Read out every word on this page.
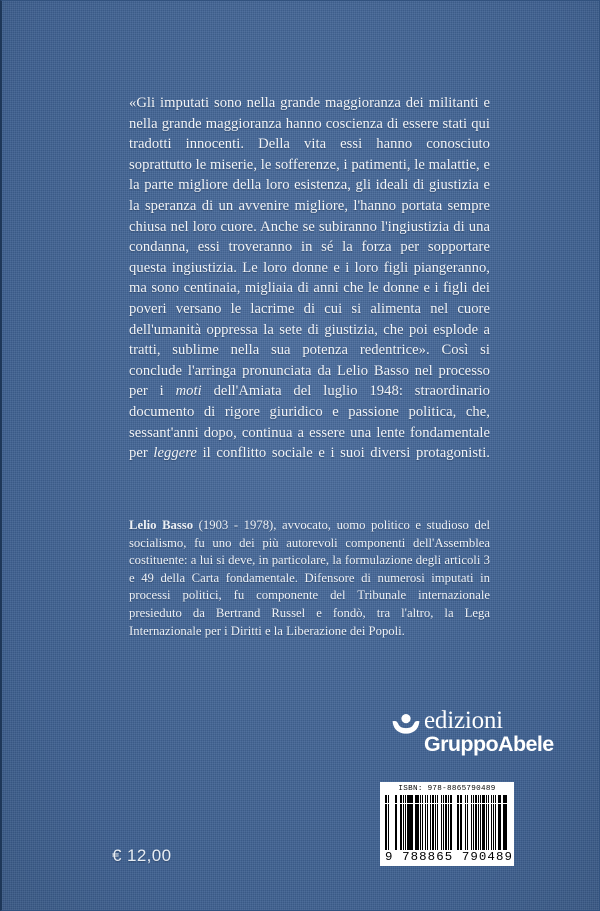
«Gli imputati sono nella grande maggioranza dei militanti e nella grande maggioranza hanno coscienza di essere stati qui tradotti innocenti. Della vita essi hanno conosciuto soprattutto le miserie, le sofferenze, i patimenti, le malattie, e la parte migliore della loro esistenza, gli ideali di giustizia e la speranza di un avvenire migliore, l'hanno portata sempre chiusa nel loro cuore. Anche se subiranno l'ingiustizia di una condanna, essi troveranno in sé la forza per sopportare questa ingiustizia. Le loro donne e i loro figli piangeranno, ma sono centinaia, migliaia di anni che le donne e i figli dei poveri versano le lacrime di cui si alimenta nel cuore dell'umanità oppressa la sete di giustizia, che poi esplode a tratti, sublime nella sua potenza redentrice». Così si conclude l'arringa pronunciata da Lelio Basso nel processo per i moti dell'Amiata del luglio 1948: straordinario documento di rigore giuridico e passione politica, che, sessant'anni dopo, continua a essere una lente fondamentale per leggere il conflitto sociale e i suoi diversi protagonisti.
Lelio Basso (1903 - 1978), avvocato, uomo politico e studioso del socialismo, fu uno dei più autorevoli componenti dell'Assemblea costituente: a lui si deve, in particolare, la formulazione degli articoli 3 e 49 della Carta fondamentale. Difensore di numerosi imputati in processi politici, fu componente del Tribunale internazionale presieduto da Bertrand Russel e fondò, tra l'altro, la Lega Internazionale per i Diritti e la Liberazione dei Popoli.
edizioni
GruppoAbele
ISBN: 978-8865790489
9 788865 790489
€ 12,00
